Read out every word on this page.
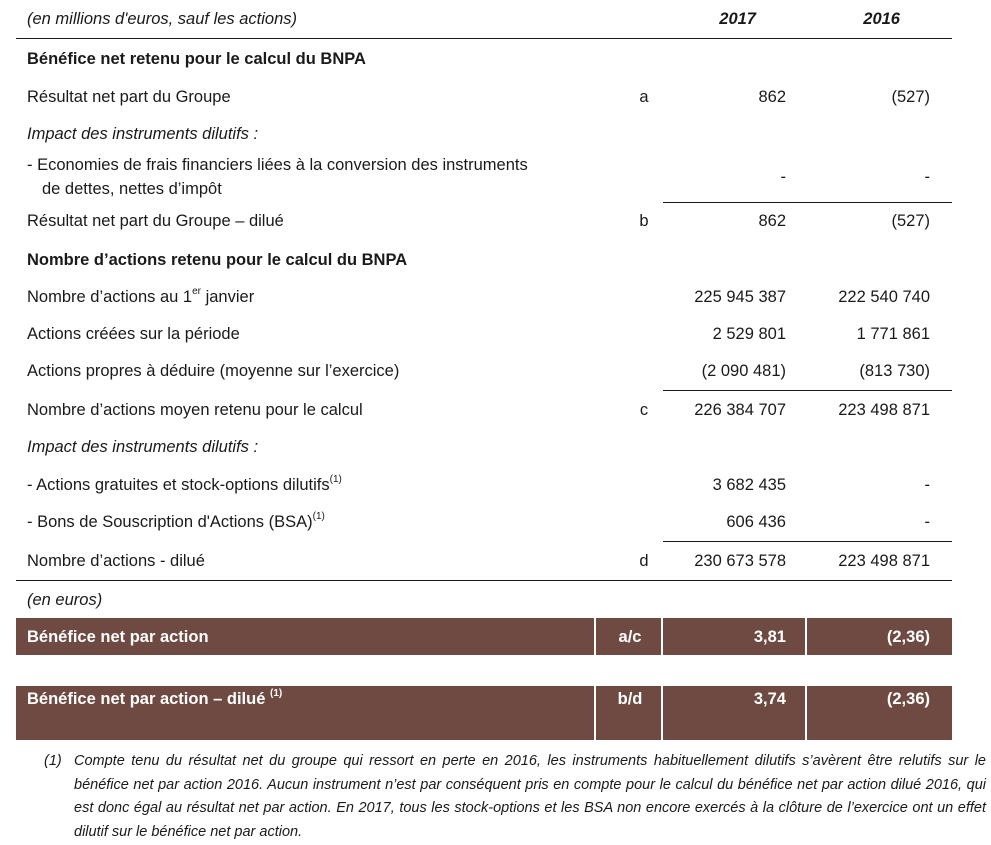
(en millions d'euros, sauf les actions)	2017	2016
Bénéfice net retenu pour le calcul du BNPA
Résultat net part du Groupe	a	862	(527)
Impact des instruments dilutifs :
- Economies de frais financiers liées à la conversion des instruments
de dettes, nettes d’impôt
-	-
Résultat net part du Groupe – dilué	b	862	(527)
Nombre d’actions retenu pour le calcul du BNPA
Nombre d’actions au 1er janvier	225 945 387	222 540 740
Actions créées sur la période	2 529 801	1 771 861
Actions propres à déduire (moyenne sur l’exercice)	(2 090 481)	(813 730)
Nombre d’actions moyen retenu pour le calcul	c	226 384 707	223 498 871
Impact des instruments dilutifs :
- Actions gratuites et stock-options dilutifs$^{(1)}$	3 682 435	-
- Bons de Souscription d'Actions (BSA)$^{(1)}$	606 436	-
Nombre d’actions - dilué	d	230 673 578	223 498 871
(en euros)
Bénéfice net par action	a/c	3,81	(2,36)
Bénéfice net par action – dilué $^{(1)}$	b/d	3,74	(2,36)
(1) Compte tenu du résultat net du groupe qui ressort en perte en 2016, les instruments habituellement dilutifs s’avèrent être relutifs sur le bénéfice net par action 2016. Aucun instrument n’est par conséquent pris en compte pour le calcul du bénéfice net par action dilué 2016, qui est donc égal au résultat net par action. En 2017, tous les stock-options et les BSA non encore exercés à la clôture de l’exercice ont un effet dilutif sur le bénéfice net par action.
